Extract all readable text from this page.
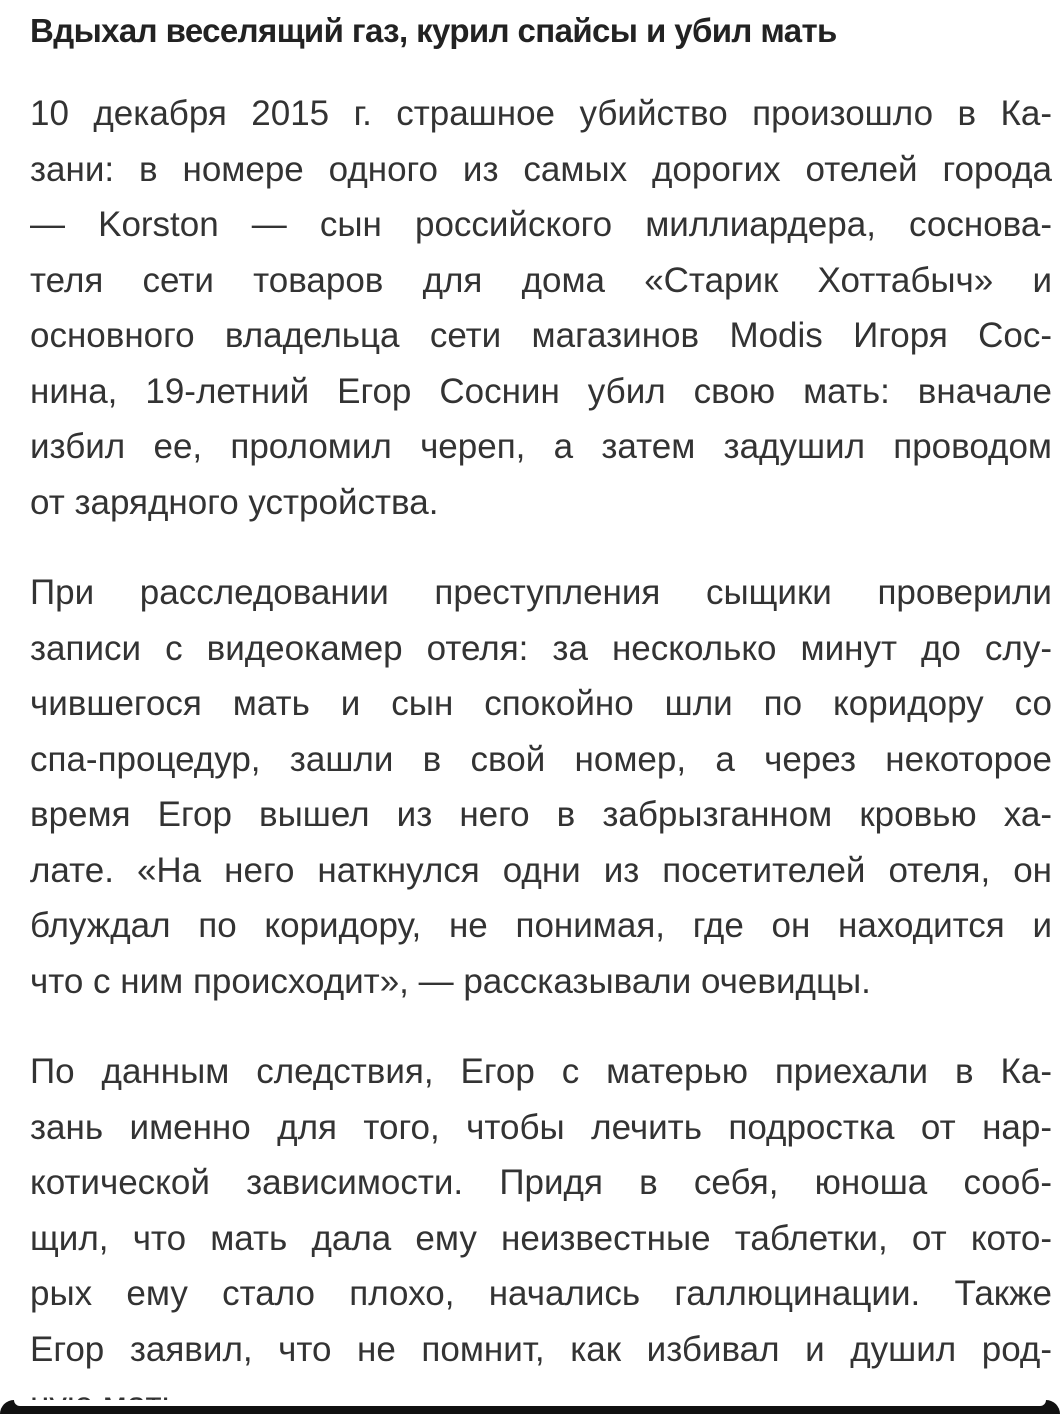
Вдыхал веселящий газ, курил спайсы и убил мать
10 декабря 2015 г. страшное убийство произошло в Ка-
зани: в номере одного из самых дорогих отелей города
— Korston — сын российского миллиардера, соснова-
теля сети товаров для дома «Старик Хоттабыч» и
основного владельца сети магазинов Modis Игоря Сос-
нина, 19-летний Егор Соснин убил свою мать: вначале
избил ее, проломил череп, а затем задушил проводом
от зарядного устройства.
При расследовании преступления сыщики проверили
записи с видеокамер отеля: за несколько минут до слу-
чившегося мать и сын спокойно шли по коридору со
спа-процедур, зашли в свой номер, а через некоторое
время Егор вышел из него в забрызганном кровью ха-
лате. «На него наткнулся одни из посетителей отеля, он
блуждал по коридору, не понимая, где он находится и
что с ним происходит», — рассказывали очевидцы.
По данным следствия, Егор с матерью приехали в Ка-
зань именно для того, чтобы лечить подростка от нар-
котической зависимости. Придя в себя, юноша сооб-
щил, что мать дала ему неизвестные таблетки, от кото-
рых ему стало плохо, начались галлюцинации. Также
Егор заявил, что не помнит, как избивал и душил род-
